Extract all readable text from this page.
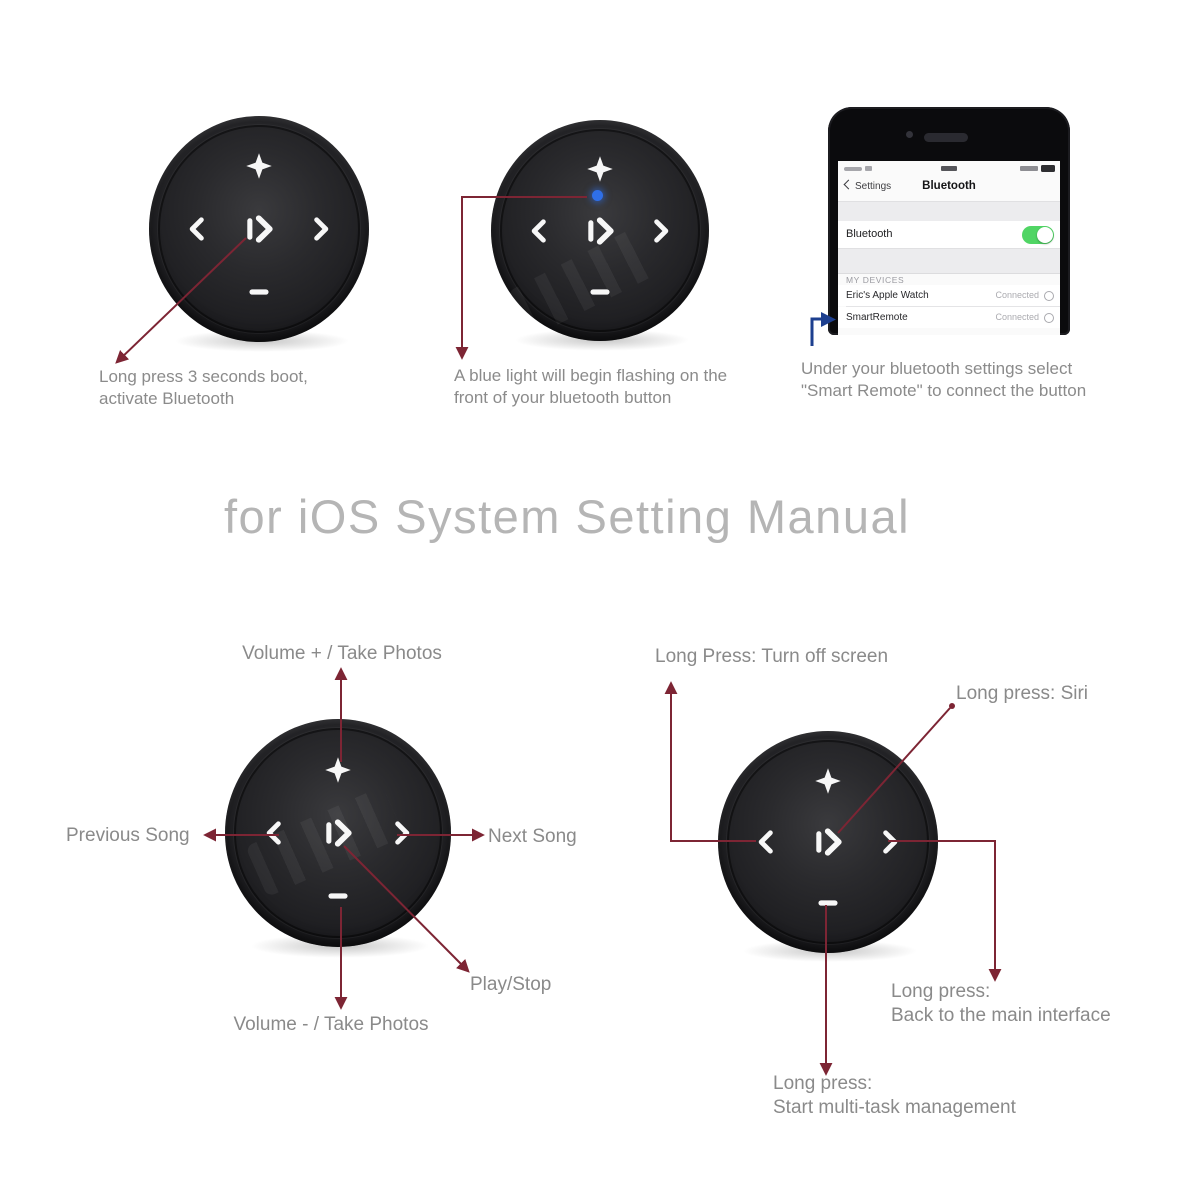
Settings	Bluetooth
Bluetooth
MY DEVICES
Eric's Apple Watch	Connected
SmartRemote	Connected
Long press 3 seconds boot,
activate Bluetooth
A blue light will begin flashing on the
front of your bluetooth button
Under your bluetooth settings select
"Smart Remote" to connect the button
for iOS System Setting Manual
Volume + / Take Photos
Previous Song	Next Song
Play/Stop
Volume - / Take Photos
Long Press: Turn off screen
Long press: Siri
Long press:
Back to the main interface
Long press:
Start multi-task management
